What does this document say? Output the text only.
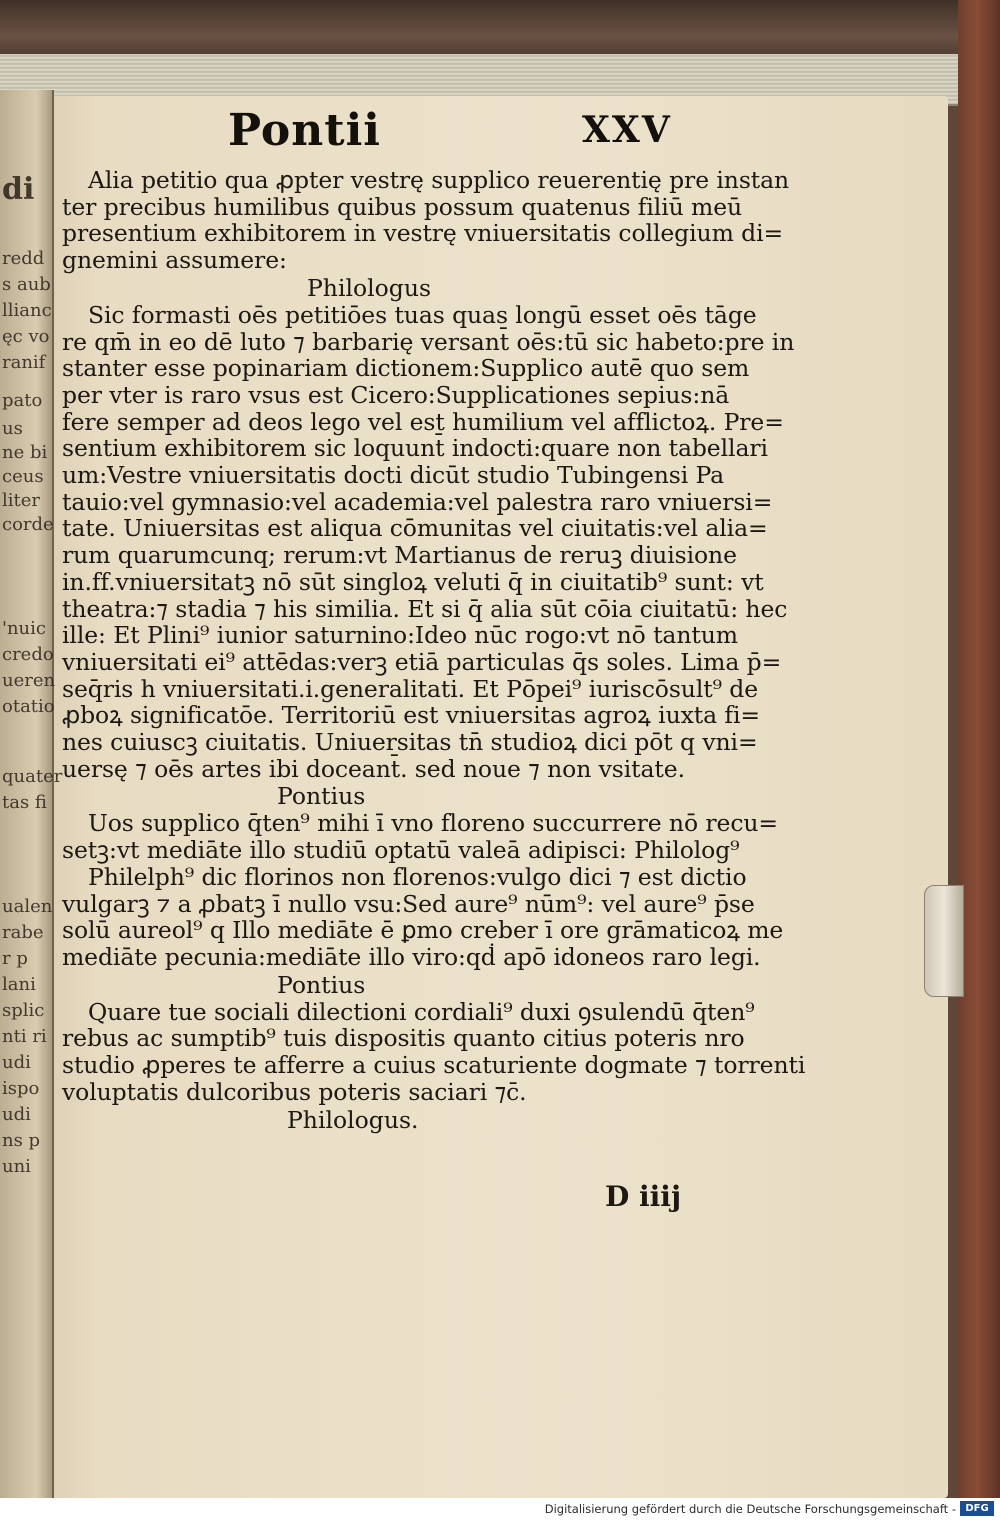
di
redd
s aub
llianc
ęc vo
ranif
pato
us
ne bi
ceus
liter
corde
'nuic
credo
ueren
otatio
quater
tas fi
ualen
rabe
r p
lani
splic
nti ri
udi
ispo
udi
ns p
uni
Pontii	XXV
Alia petitio qua ꝓpter vestrę supplico reuerentię pre instan
ter precibus humilibus quibus possum quatenus filiū meū
presentium exhibitorem in vestrę vniuersitatis collegium di=
gnemini assumere:
Philologus
Sic formasti oēs petitiōes tuas quas longū esset oēs tāge
re qm̄ in eo dē luto ⁊ barbarię versant̄ oēs:tū sic habeto:pre in
stanter esse popinariam dictionem:Supplico autē quo sem
per vter is raro vsus est Cicero:Supplicationes sepius:nā
fere semper ad deos lego vel est humilium vel afflictoꝝ. Pre=
sentium exhibitorem sic loquunt̄ indocti:quare non tabellari
um:Vestre vniuersitatis docti dicūt studio Tubingensi Pa
tauio:vel gymnasio:vel academia:vel palestra raro vniuersi=
tate. Uniuersitas est aliqua cōmunitas vel ciuitatis:vel alia=
rum quarumcunq; rerum:vt Martianus de reruꝫ diuisione
in.ff.vniuersitatꝫ nō sūt singloꝝ veluti q̄ in ciuitatib⁹ sunt: vt
theatra:⁊ stadia ⁊ his similia. Et si q̄ alia sūt cōia ciuitatū: hec
ille: Et Plini⁹ iunior saturnino:Ideo nūc rogo:vt nō tantum
vniuersitati ei⁹ attēdas:verꝫ etiā particulas q̄s soles. Lima p̄=
seq̄ris h vniuersitati.i.generalitati. Et Pōpei⁹ iuriscōsult⁹ de
ꝓboꝝ significatōe. Territoriū est vniuersitas agroꝝ iuxta fi=
nes cuiuscꝫ ciuitatis. Uniuersitas tn̄ studioꝝ dici pōt q vni=
uersę ⁊ oēs artes ibi doceant̄. sed noue ⁊ non vsitate.
Pontius
Uos supplico q̄ten⁹ mihi ī vno floreno succurrere nō recu=
setꝫ:vt mediāte illo studiū optatū valeā adipisci: Philolog⁹
Philelph⁹ dic florinos non florenos:vulgo dici ⁊ est dictio
vulgarꝫ ⁊ a ꝓbatꝫ ī nullo vsu:Sed aure⁹ nūm⁹: vel aure⁹ p̄se
solū aureol⁹ q Illo mediāte ē ꝑmo creber ī ore grāmaticoꝝ me
mediāte pecunia:mediāte illo viro:qḋ apō idoneos raro legi.
Pontius
Quare tue sociali dilectioni cordiali⁹ duxi ꝯsulendū q̄ten⁹
rebus ac sumptib⁹ tuis dispositis quanto citius poteris nro
studio ꝓperes te afferre a cuius scaturiente dogmate ⁊ torrenti
voluptatis dulcoribus poteris saciari ⁊c̄.
Philologus.
D iiij
Digitalisierung gefördert durch die Deutsche Forschungsgemeinschaft - DFG
